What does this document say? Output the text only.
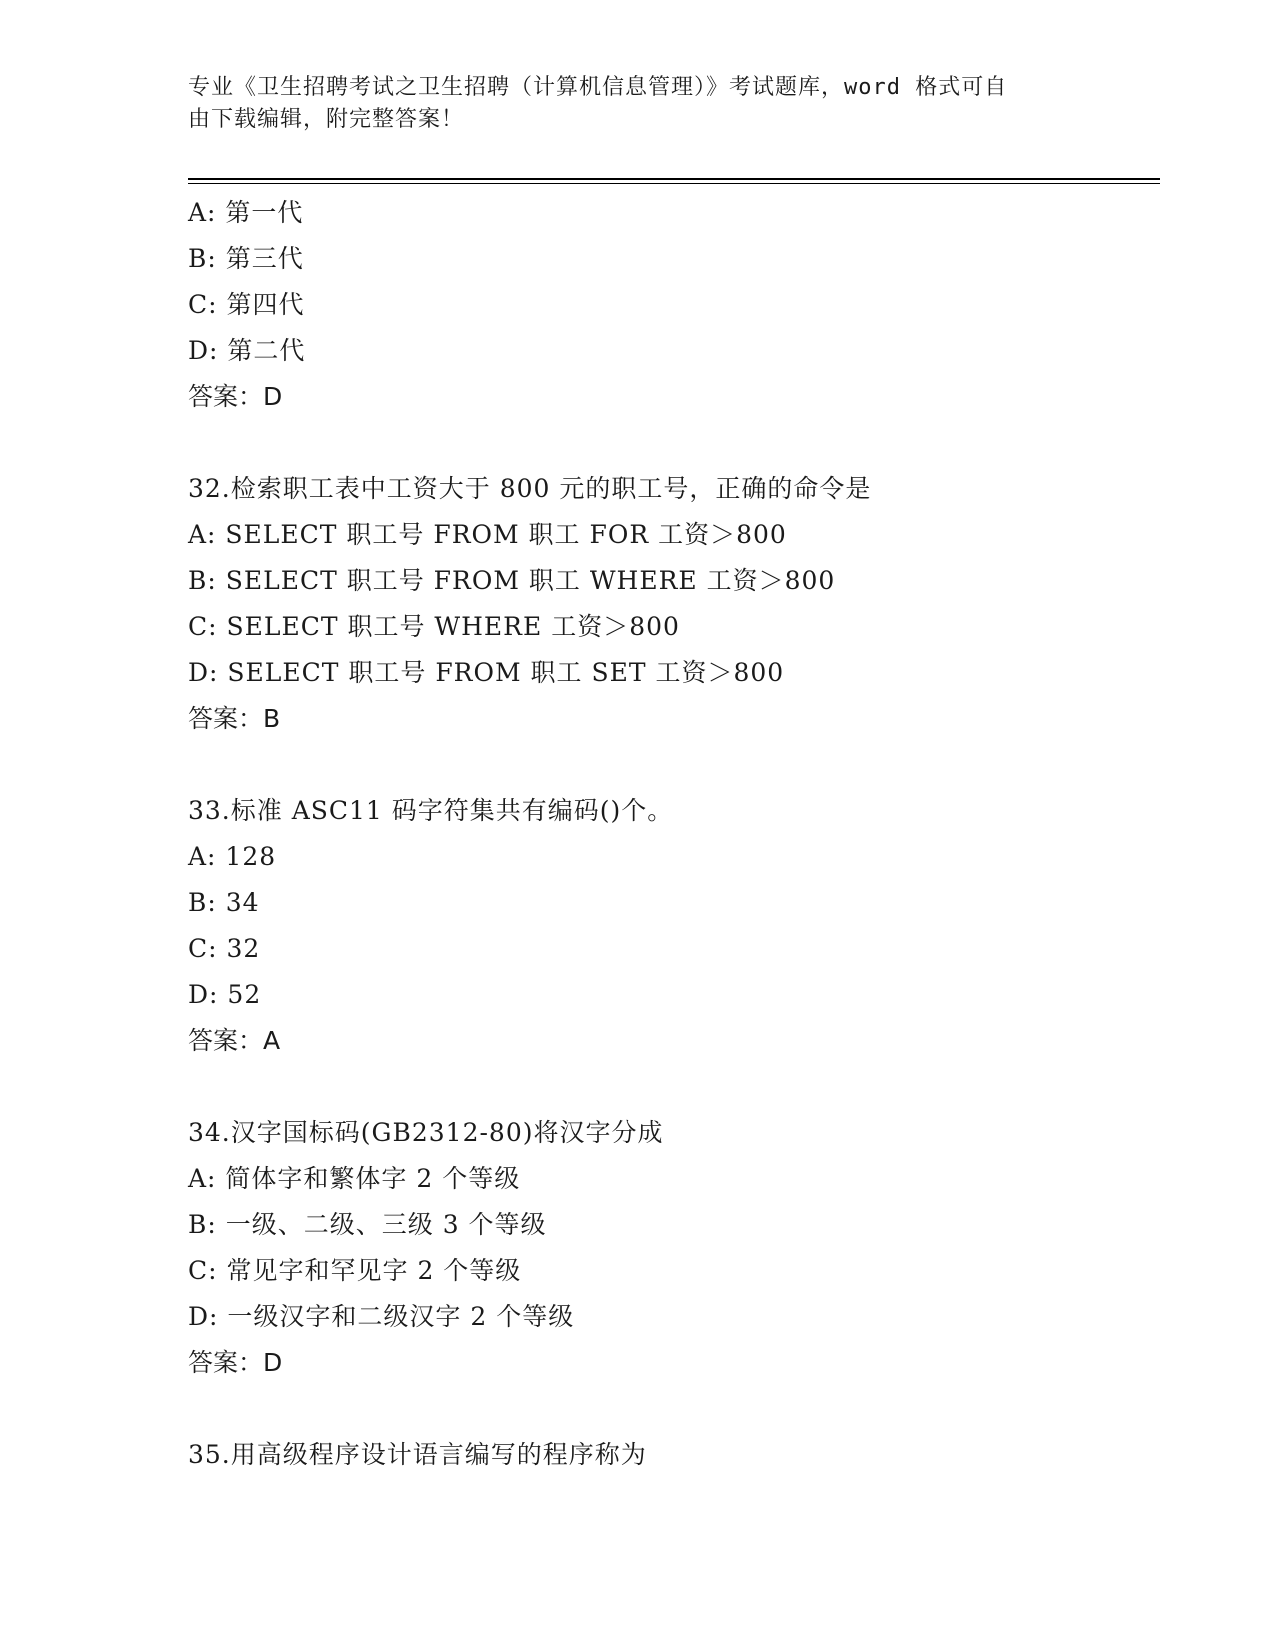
专业《卫生招聘考试之卫生招聘（计算机信息管理）》考试题库，word 格式可自
由下载编辑，附完整答案！
A: 第一代
B: 第三代
C: 第四代
D: 第二代
答案：D
32.检索职工表中工资大于 800 元的职工号，正确的命令是
A: SELECT 职工号 FROM 职工 FOR 工资＞800
B: SELECT 职工号 FROM 职工 WHERE 工资＞800
C: SELECT 职工号 WHERE 工资＞800
D: SELECT 职工号 FROM 职工 SET 工资＞800
答案：B
33.标准 ASC11 码字符集共有编码()个。
A: 128
B: 34
C: 32
D: 52
答案：A
34.汉字国标码(GB2312-80)将汉字分成
A: 简体字和繁体字 2 个等级
B: 一级、二级、三级 3 个等级
C: 常见字和罕见字 2 个等级
D: 一级汉字和二级汉字 2 个等级
答案：D
35.用高级程序设计语言编写的程序称为
